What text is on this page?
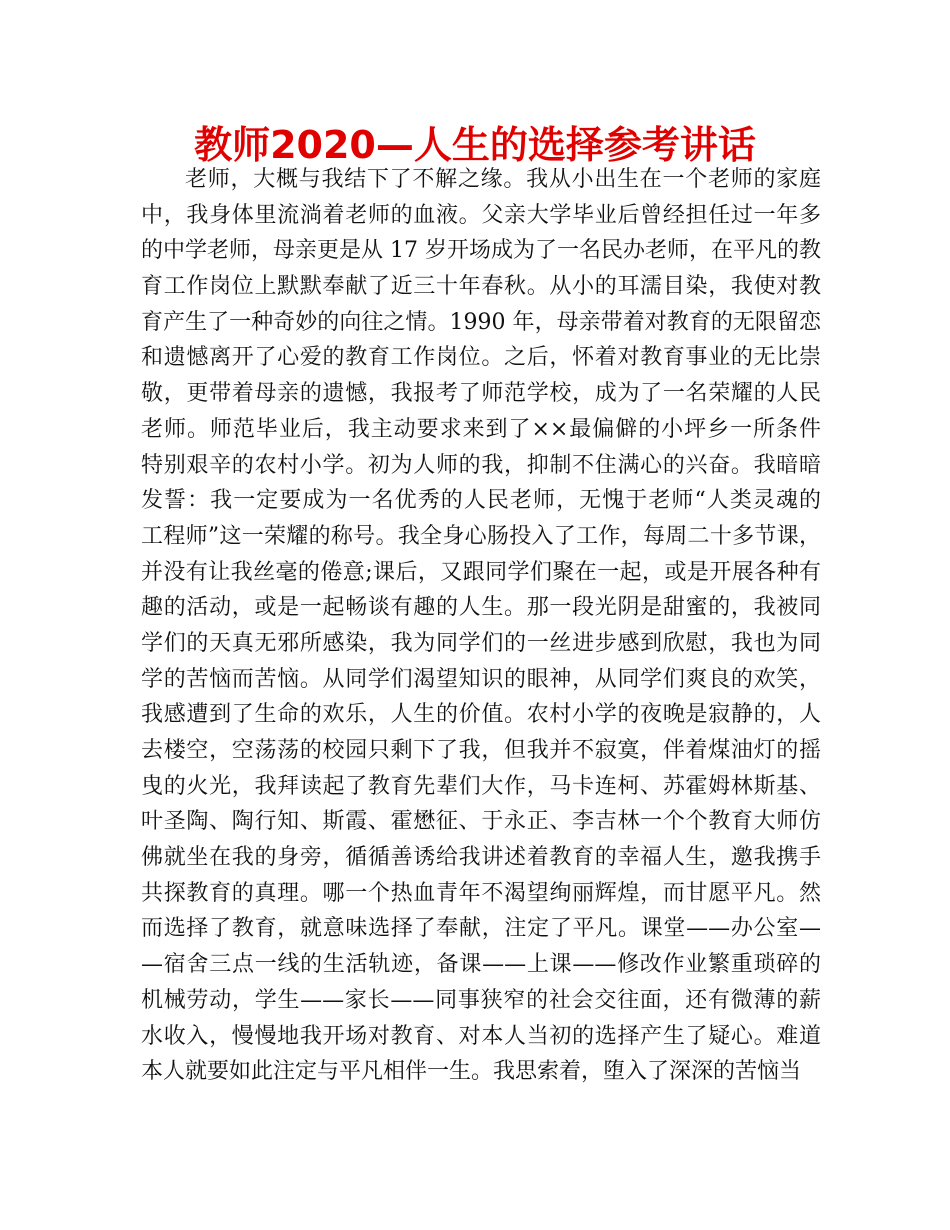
教师2020—人生的选择参考讲话
老师，大概与我结下了不解之缘。我从小出生在一个老师的家庭
中，我身体里流淌着老师的血液。父亲大学毕业后曾经担任过一年多
的中学老师，母亲更是从 17 岁开场成为了一名民办老师，在平凡的教
育工作岗位上默默奉献了近三十年春秋。从小的耳濡目染，我使对教
育产生了一种奇妙的向往之情。1990 年，母亲带着对教育的无限留恋
和遗憾离开了心爱的教育工作岗位。之后，怀着对教育事业的无比崇
敬，更带着母亲的遗憾，我报考了师范学校，成为了一名荣耀的人民
老师。师范毕业后，我主动要求来到了××最偏僻的小坪乡一所条件
特别艰辛的农村小学。初为人师的我，抑制不住满心的兴奋。我暗暗
发誓：我一定要成为一名优秀的人民老师，无愧于老师“人类灵魂的
工程师”这一荣耀的称号。我全身心肠投入了工作，每周二十多节课，
并没有让我丝毫的倦意;课后，又跟同学们聚在一起，或是开展各种有
趣的活动，或是一起畅谈有趣的人生。那一段光阴是甜蜜的，我被同
学们的天真无邪所感染，我为同学们的一丝进步感到欣慰，我也为同
学的苦恼而苦恼。从同学们渴望知识的眼神，从同学们爽良的欢笑，
我感遭到了生命的欢乐，人生的价值。农村小学的夜晚是寂静的，人
去楼空，空荡荡的校园只剩下了我，但我并不寂寞，伴着煤油灯的摇
曳的火光，我拜读起了教育先辈们大作，马卡连柯、苏霍姆林斯基、
叶圣陶、陶行知、斯霞、霍懋征、于永正、李吉林一个个教育大师仿
佛就坐在我的身旁，循循善诱给我讲述着教育的幸福人生，邀我携手
共探教育的真理。哪一个热血青年不渴望绚丽辉煌，而甘愿平凡。然
而选择了教育，就意味选择了奉献，注定了平凡。课堂——办公室—
—宿舍三点一线的生活轨迹，备课——上课——修改作业繁重琐碎的
机械劳动，学生——家长——同事狭窄的社会交往面，还有微薄的薪
水收入，慢慢地我开场对教育、对本人当初的选择产生了疑心。难道
本人就要如此注定与平凡相伴一生。我思索着，堕入了深深的苦恼当
